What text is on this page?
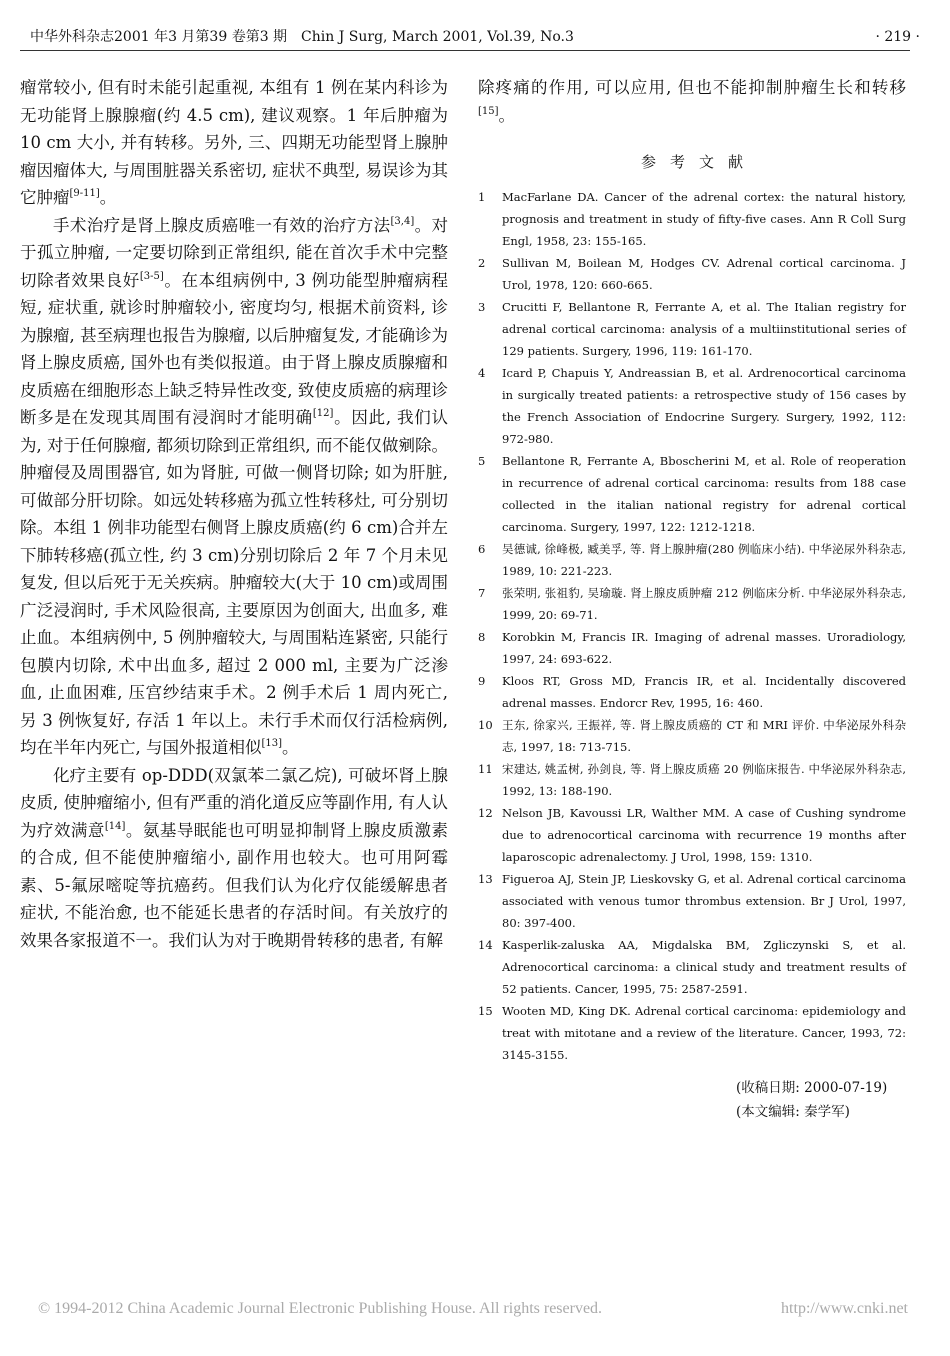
中华外科杂志2001 年3 月第39 卷第3 期　Chin J Surg, March 2001, Vol.39, No.3	· 219 ·

瘤常较小, 但有时未能引起重视, 本组有 1 例在某内科诊为无功能肾上腺腺瘤(约 4.5 cm), 建议观察。1 年后肿瘤为 10 cm 大小, 并有转移。另外, 三、四期无功能型肾上腺肿瘤因瘤体大, 与周围脏器关系密切, 症状不典型, 易误诊为其它肿瘤[9-11]。

手术治疗是肾上腺皮质癌唯一有效的治疗方法[3,4]。对于孤立肿瘤, 一定要切除到正常组织, 能在首次手术中完整切除者效果良好[3-5]。在本组病例中, 3 例功能型肿瘤病程短, 症状重, 就诊时肿瘤较小, 密度均匀, 根据术前资料, 诊为腺瘤, 甚至病理也报告为腺瘤, 以后肿瘤复发, 才能确诊为肾上腺皮质癌, 国外也有类似报道。由于肾上腺皮质腺瘤和皮质癌在细胞形态上缺乏特异性改变, 致使皮质癌的病理诊断多是在发现其周围有浸润时才能明确[12]。因此, 我们认为, 对于任何腺瘤, 都须切除到正常组织, 而不能仅做剜除。肿瘤侵及周围器官, 如为肾脏, 可做一侧肾切除; 如为肝脏, 可做部分肝切除。如远处转移癌为孤立性转移灶, 可分别切除。本组 1 例非功能型右侧肾上腺皮质癌(约 6 cm)合并左下肺转移癌(孤立性, 约 3 cm)分别切除后 2 年 7 个月未见复发, 但以后死于无关疾病。肿瘤较大(大于 10 cm)或周围广泛浸润时, 手术风险很高, 主要原因为创面大, 出血多, 难止血。本组病例中, 5 例肿瘤较大, 与周围粘连紧密, 只能行包膜内切除, 术中出血多, 超过 2 000 ml, 主要为广泛渗血, 止血困难, 压宫纱结束手术。2 例手术后 1 周内死亡, 另 3 例恢复好, 存活 1 年以上。未行手术而仅行活检病例, 均在半年内死亡, 与国外报道相似[13]。

化疗主要有 op-DDD(双氯苯二氯乙烷), 可破坏肾上腺皮质, 使肿瘤缩小, 但有严重的消化道反应等副作用, 有人认为疗效满意[14]。氨基导眠能也可明显抑制肾上腺皮质激素的合成, 但不能使肿瘤缩小, 副作用也较大。也可用阿霉素、5-氟尿嘧啶等抗癌药。但我们认为化疗仅能缓解患者症状, 不能治愈, 也不能延长患者的存活时间。有关放疗的效果各家报道不一。我们认为对于晚期骨转移的患者, 有解

除疼痛的作用, 可以应用, 但也不能抑制肿瘤生长和转移[15]。

参考文献
1	MacFarlane DA. Cancer of the adrenal cortex: the natural history, prognosis and treatment in study of fifty-five cases. Ann R Coll Surg Engl, 1958, 23: 155-165.
2	Sullivan M, Boilean M, Hodges CV. Adrenal cortical carcinoma. J Urol, 1978, 120: 660-665.
3	Crucitti F, Bellantone R, Ferrante A, et al. The Italian registry for adrenal cortical carcinoma: analysis of a multiinstitutional series of 129 patients. Surgery, 1996, 119: 161-170.
4	Icard P, Chapuis Y, Andreassian B, et al. Ardrenocortical carcinoma in surgically treated patients: a retrospective study of 156 cases by the French Association of Endocrine Surgery. Surgery, 1992, 112: 972-980.
5	Bellantone R, Ferrante A, Bboscherini M, et al. Role of reoperation in recurrence of adrenal cortical carcinoma: results from 188 case collected in the italian national registry for adrenal cortical carcinoma. Surgery, 1997, 122: 1212-1218.
6	吴德诚, 徐峰极, 臧美孚, 等. 肾上腺肿瘤(280 例临床小结). 中华泌尿外科杂志, 1989, 10: 221-223.
7	张荣明, 张祖豹, 吴瑜璇. 肾上腺皮质肿瘤 212 例临床分析. 中华泌尿外科杂志, 1999, 20: 69-71.
8	Korobkin M, Francis IR. Imaging of adrenal masses. Uroradiology, 1997, 24: 693-622.
9	Kloos RT, Gross MD, Francis IR, et al. Incidentally discovered adrenal masses. Endorcr Rev, 1995, 16: 460.
10 王东, 徐家兴, 王振祥, 等. 肾上腺皮质癌的 CT 和 MRI 评价. 中华泌尿外科杂志, 1997, 18: 713-715.
11 宋建达, 姚孟树, 孙剑良, 等. 肾上腺皮质癌 20 例临床报告. 中华泌尿外科杂志, 1992, 13: 188-190.
12 Nelson JB, Kavoussi LR, Walther MM. A case of Cushing syndrome due to adrenocortical carcinoma with recurrence 19 months after laparoscopic adrenalectomy. J Urol, 1998, 159: 1310.
13 Figueroa AJ, Stein JP, Lieskovsky G, et al. Adrenal cortical carcinoma associated with venous tumor thrombus extension. Br J Urol, 1997, 80: 397-400.
14 Kasperlik-zaluska AA, Migdalska BM, Zgliczynski S, et al. Adrenocortical carcinoma: a clinical study and treatment results of 52 patients. Cancer, 1995, 75: 2587-2591.
15 Wooten MD, King DK. Adrenal cortical carcinoma: epidemiology and treat with mitotane and a review of the literature. Cancer, 1993, 72: 3145-3155.
(收稿日期: 2000-07-19)
(本文编辑: 秦学军)
© 1994-2012 China Academic Journal Electronic Publishing House. All rights reserved.	http://www.cnki.net
